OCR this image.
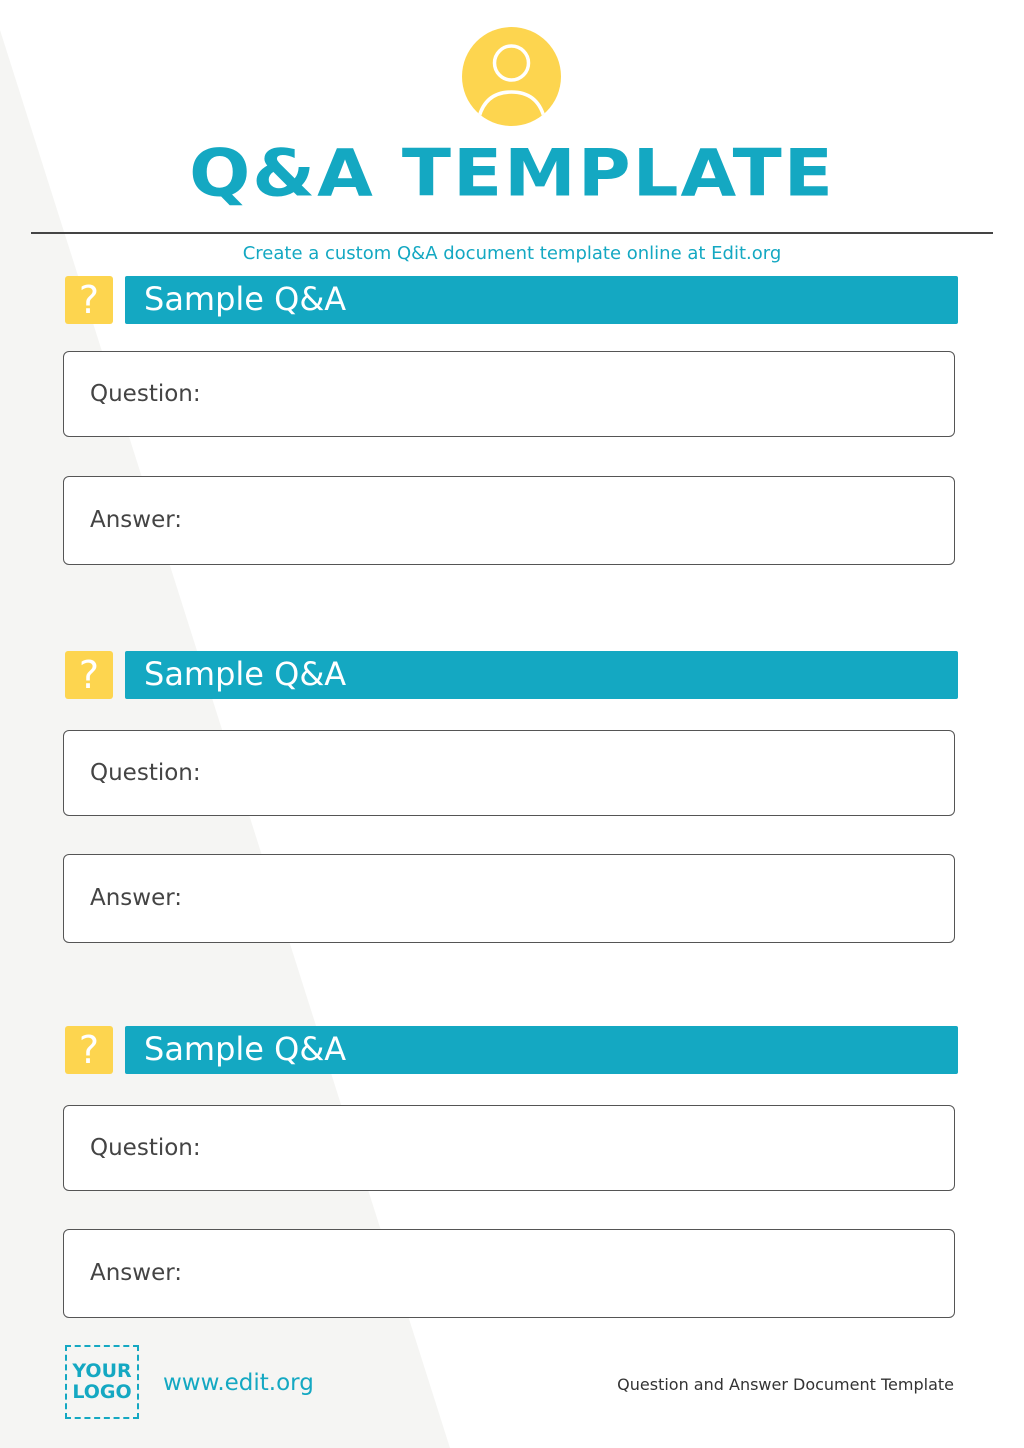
Q&A TEMPLATE
Create a custom Q&A document template online at Edit.org
?	Sample Q&A
Question:
Answer:
?	Sample Q&A
Question:
Answer:
?	Sample Q&A
Question:
Answer:
YOUR
LOGO www.edit.org	Question and Answer Document Template
